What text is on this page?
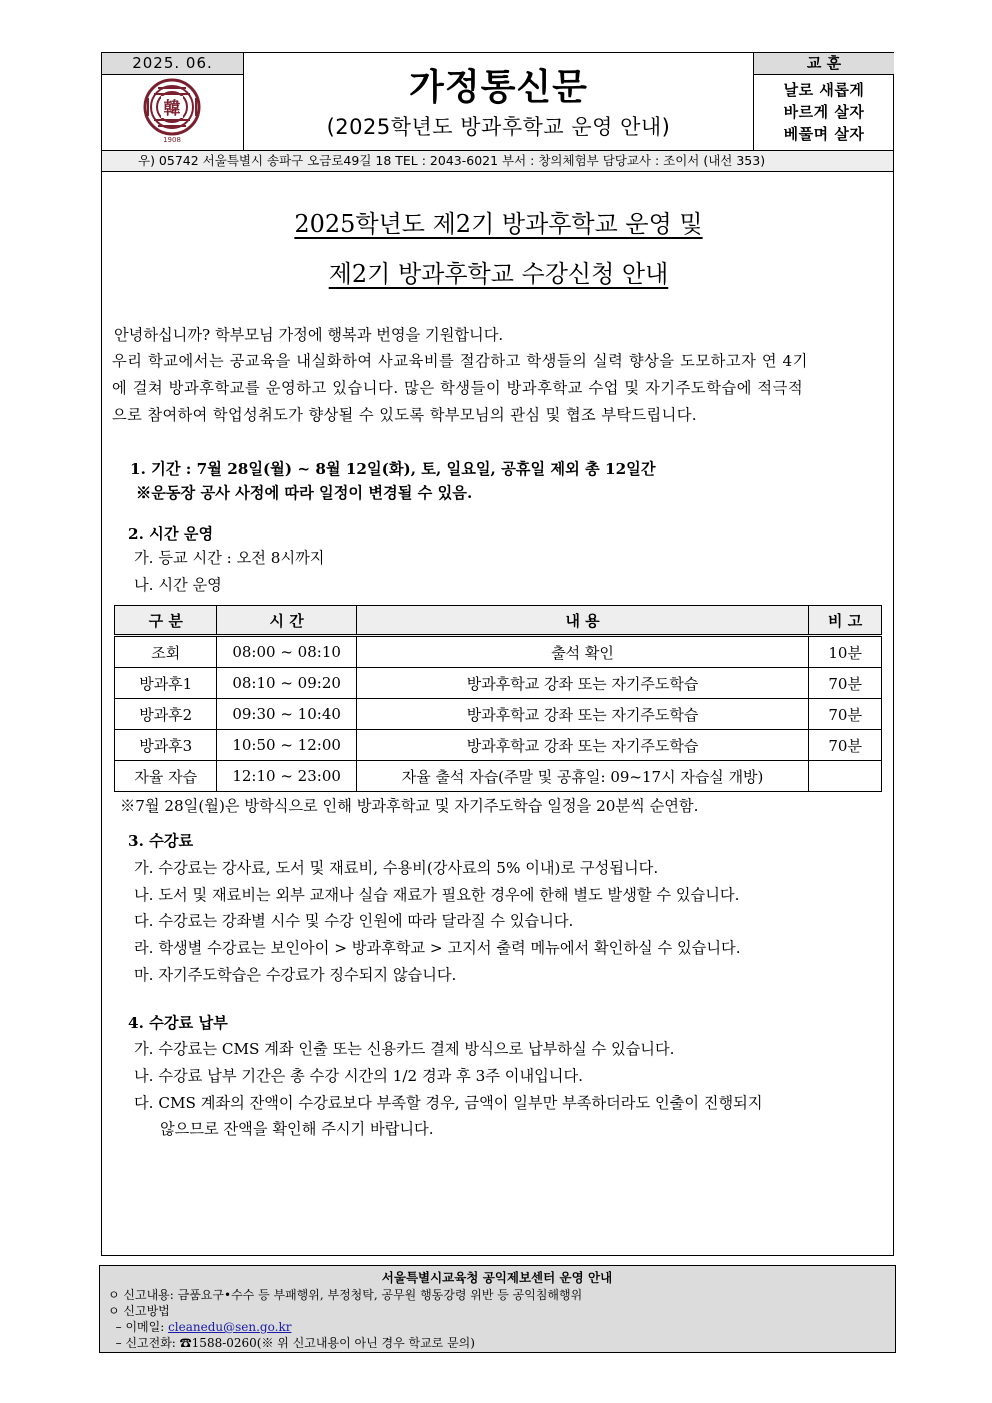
2025. 06.
韓
1908
가정통신문
(2025학년도 방과후학교 운영 안내)
교 훈
날로 새롭게
바르게 살자
베풀며 살자
우) 05742 서울특별시 송파구 오금로49길 18 TEL : 2043-6021 부서 : 창의체험부 담당교사 : 조이서 (내선 353)
2025학년도 제2기 방과후학교 운영 및
제2기 방과후학교 수강신청 안내
안녕하십니까? 학부모님 가정에 행복과 번영을 기원합니다.
우리 학교에서는 공교육을 내실화하여 사교육비를 절감하고 학생들의 실력 향상을 도모하고자 연 4기
에 걸쳐 방과후학교를 운영하고 있습니다. 많은 학생들이 방과후학교 수업 및 자기주도학습에 적극적
으로 참여하여 학업성취도가 향상될 수 있도록 학부모님의 관심 및 협조 부탁드립니다.
1. 기간 : 7월 28일(월) ~ 8월 12일(화), 토, 일요일, 공휴일 제외 총 12일간
※운동장 공사 사정에 따라 일정이 변경될 수 있음.
2. 시간 운영
가. 등교 시간 : 오전 8시까지
나. 시간 운영
구 분	시 간	내 용	비 고
조회	08:00 ~ 08:10	출석 확인	10분
방과후1	08:10 ~ 09:20	방과후학교 강좌 또는 자기주도학습	70분
방과후2	09:30 ~ 10:40	방과후학교 강좌 또는 자기주도학습	70분
방과후3	10:50 ~ 12:00	방과후학교 강좌 또는 자기주도학습	70분
자율 자습	12:10 ~ 23:00	자율 출석 자습(주말 및 공휴일: 09~17시 자습실 개방)	
※7월 28일(월)은 방학식으로 인해 방과후학교 및 자기주도학습 일정을 20분씩 순연함.
3. 수강료
가. 수강료는 강사료, 도서 및 재료비, 수용비(강사료의 5% 이내)로 구성됩니다.
나. 도서 및 재료비는 외부 교재나 실습 재료가 필요한 경우에 한해 별도 발생할 수 있습니다.
다. 수강료는 강좌별 시수 및 수강 인원에 따라 달라질 수 있습니다.
라. 학생별 수강료는 보인아이 > 방과후학교 > 고지서 출력 메뉴에서 확인하실 수 있습니다.
마. 자기주도학습은 수강료가 징수되지 않습니다.
4. 수강료 납부
가. 수강료는 CMS 계좌 인출 또는 신용카드 결제 방식으로 납부하실 수 있습니다.
나. 수강료 납부 기간은 총 수강 시간의 1/2 경과 후 3주 이내입니다.
다. CMS 계좌의 잔액이 수강료보다 부족할 경우, 금액이 일부만 부족하더라도 인출이 진행되지
않으므로 잔액을 확인해 주시기 바랍니다.
서울특별시교육청 공익제보센터 운영 안내
ㅇ 신고내용: 금품요구•수수 등 부패행위, 부정청탁, 공무원 행동강령 위반 등 공익침해행위
ㅇ 신고방법
– 이메일: cleanedu@sen.go.kr
– 신고전화: ☎1588-0260(※ 위 신고내용이 아닌 경우 학교로 문의)
